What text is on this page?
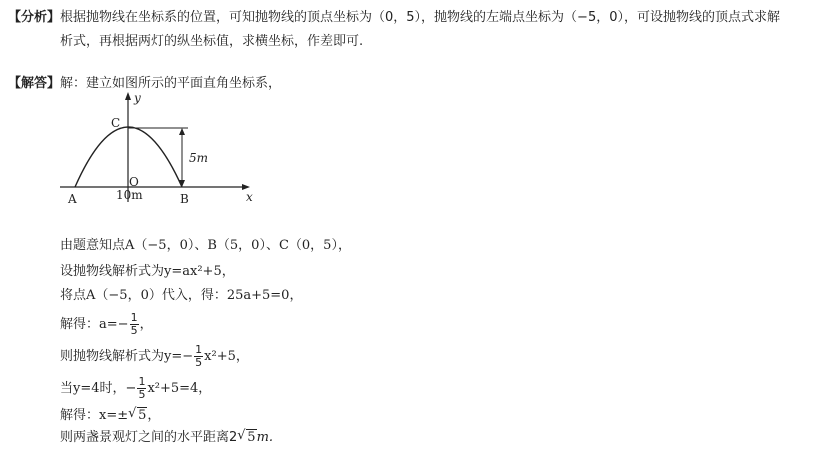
【分析】根据抛物线在坐标系的位置，可知抛物线的顶点坐标为（0，5），抛物线的左端点坐标为（−5，0），可设抛物线的顶点式求解
析式，再根据两灯的纵坐标值，求横坐标，作差即可.
【解答】解：建立如图所示的平面直角坐标系，
y
x
C
O
A	B
5m
10m
由题意知点A（−5，0）、B（5，0）、C（0，5），
设抛物线解析式为y=ax²+5，
将点A（−5，0）代入，得：25a+5=0，
解得：$a=- \frac{1}{5}$ ，
则抛物线解析式为$y=- \frac{1}{5} x^2+5$，
当y=4时，− $\frac{1}{5} x^2+5=4$，
解得：x=± √ 5，
则两盏景观灯之间的水平距离2 √ 5m.
